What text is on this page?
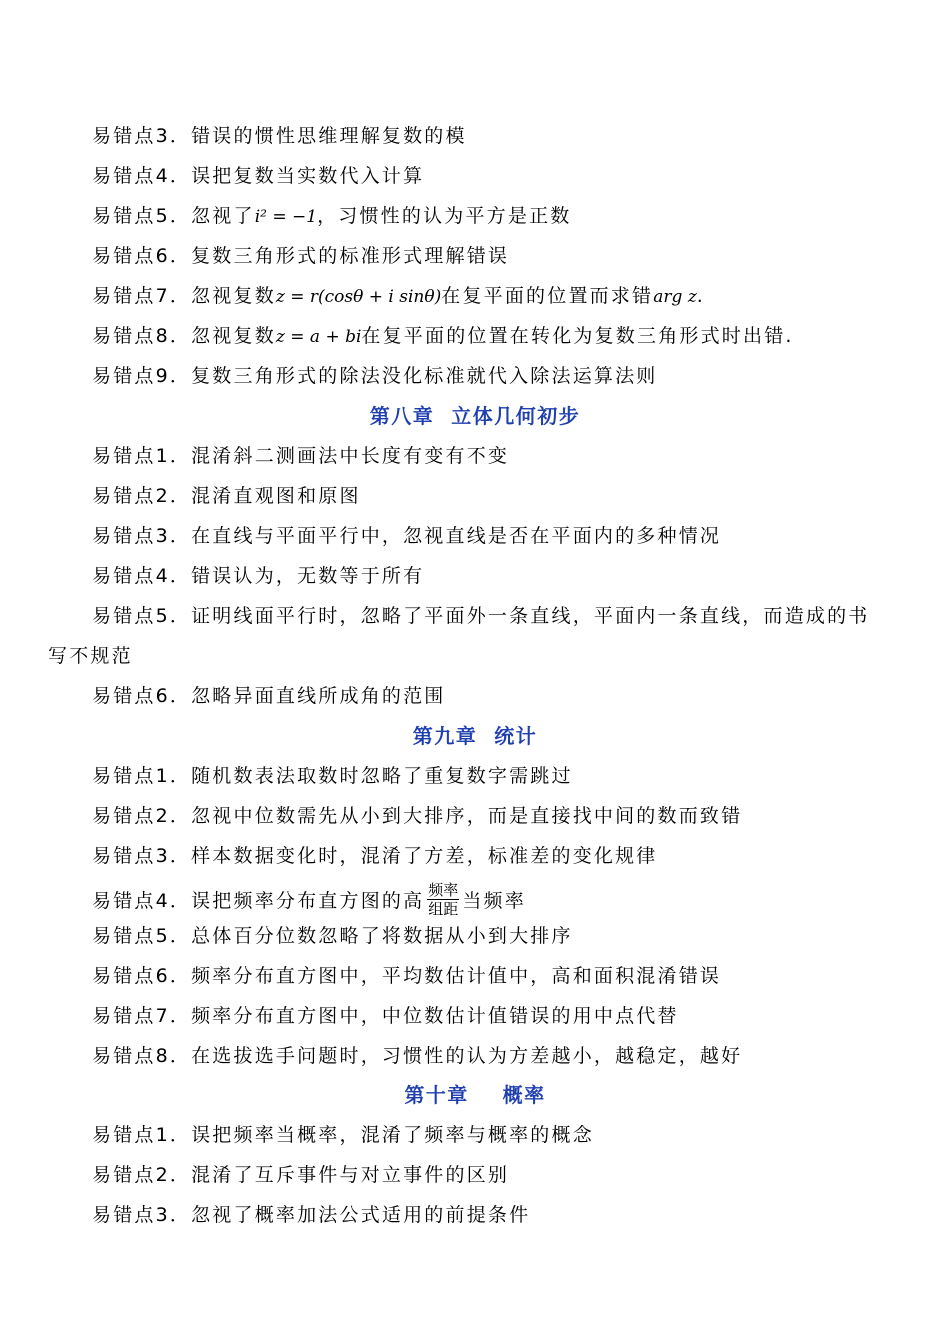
易错点3．错误的惯性思维理解复数的模
易错点4．误把复数当实数代入计算
易错点5．忽视了i² = −1，习惯性的认为平方是正数
易错点6．复数三角形式的标准形式理解错误
易错点7．忽视复数z = r(cosθ + i sinθ)在复平面的位置而求错arg z.
易错点8．忽视复数z = a + bi在复平面的位置在转化为复数三角形式时出错.
易错点9．复数三角形式的除法没化标准就代入除法运算法则
第八章  立体几何初步
易错点1．混淆斜二测画法中长度有变有不变
易错点2．混淆直观图和原图
易错点3．在直线与平面平行中，忽视直线是否在平面内的多种情况
易错点4．错误认为，无数等于所有
易错点5．证明线面平行时，忽略了平面外一条直线，平面内一条直线，而造成的书
写不规范
易错点6．忽略异面直线所成角的范围
第九章  统计
易错点1．随机数表法取数时忽略了重复数字需跳过
易错点2．忽视中位数需先从小到大排序，而是直接找中间的数而致错
易错点3．样本数据变化时，混淆了方差，标准差的变化规律
易错点4．误把频率分布直方图的高 $\frac{\text{频率}}{\text{组距}}$ 当频率
易错点5．总体百分位数忽略了将数据从小到大排序
易错点6．频率分布直方图中，平均数估计值中，高和面积混淆错误
易错点7．频率分布直方图中，中位数估计值错误的用中点代替
易错点8．在选拔选手问题时，习惯性的认为方差越小，越稳定，越好
第十章    概率
易错点1．误把频率当概率，混淆了频率与概率的概念
易错点2．混淆了互斥事件与对立事件的区别
易错点3．忽视了概率加法公式适用的前提条件
